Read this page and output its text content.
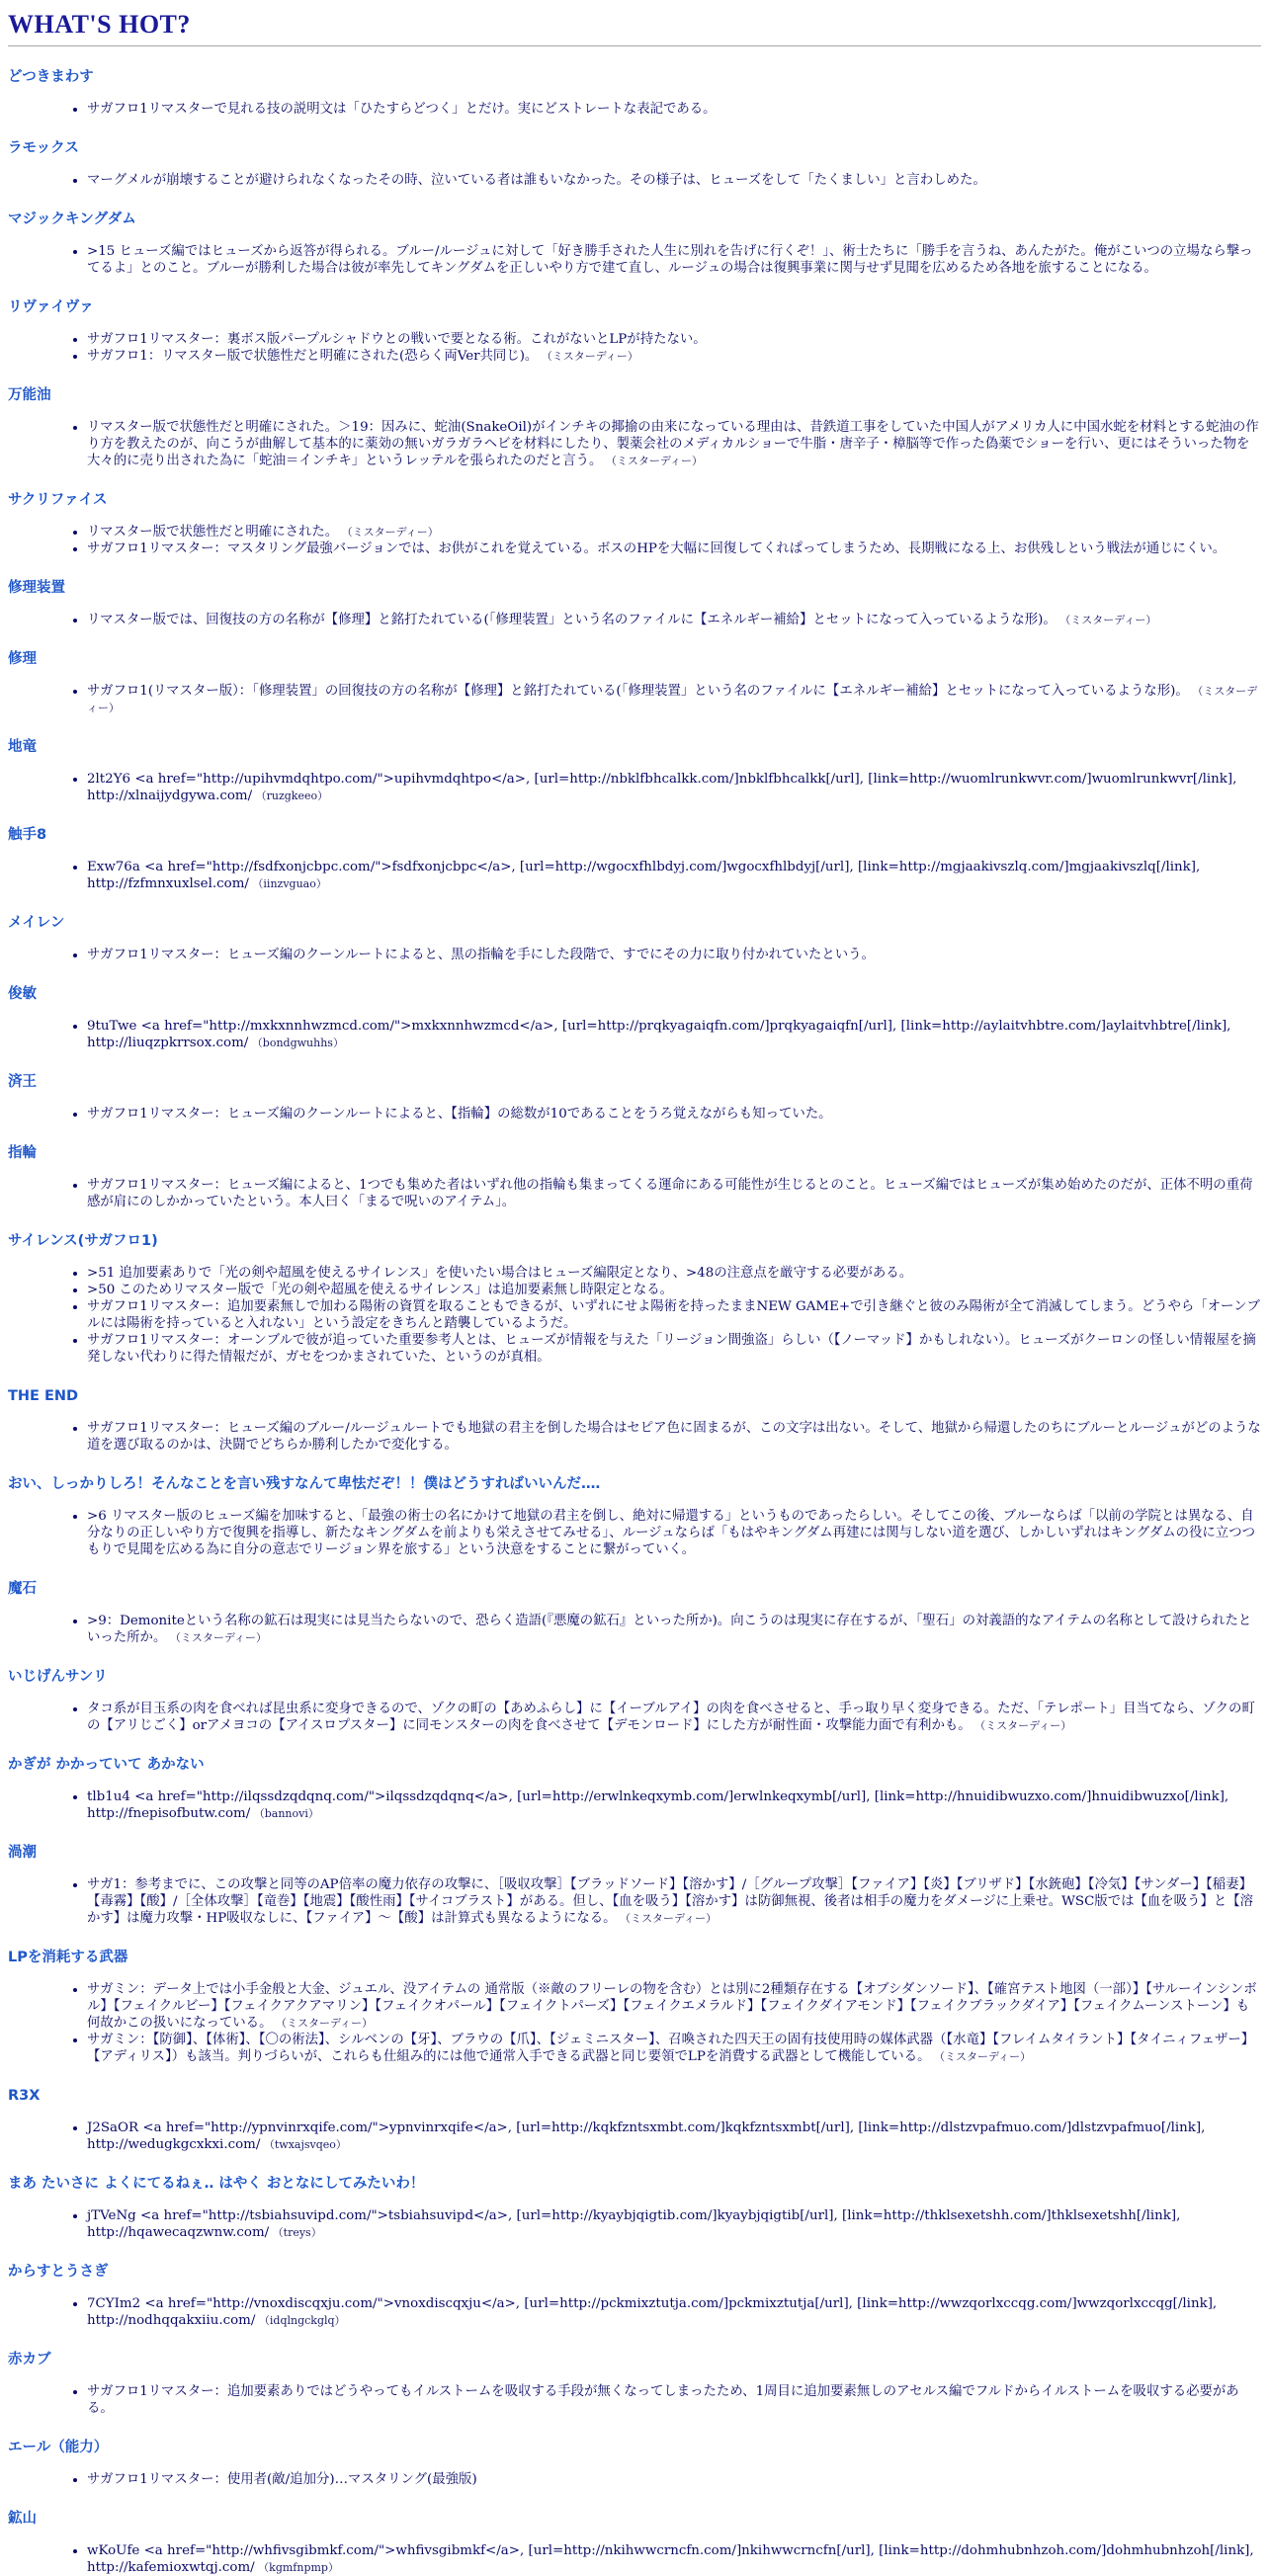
WHAT'S HOT?
どつきまわす
• サガフロ1リマスターで見れる技の説明文は「ひたすらどつく」とだけ。実にどストレートな表記である。
ラモックス
• マーグメルが崩壊することが避けられなくなったその時、泣いている者は誰もいなかった。その様子は、ヒューズをして「たくましい」と言わしめた。
マジックキングダム
• >15 ヒューズ編ではヒューズから返答が得られる。ブルー/ルージュに対して「好き勝手された人生に別れを告げに行くぞ！」、術士たちに「勝手を言うね、あんたがた。俺がこいつの立場なら撃ってるよ」とのこと。ブルーが勝利した場合は彼が率先してキングダムを正しいやり方で建て直し、ルージュの場合は復興事業に関与せず見聞を広めるため各地を旅することになる。
リヴァイヴァ
• サガフロ1リマスター：裏ボス版パープルシャドウとの戦いで要となる術。これがないとLPが持たない。
• サガフロ1：リマスター版で状態性だと明確にされた(恐らく両Ver共同じ)。 （ミスターディー）
万能油
• リマスター版で状態性だと明確にされた。＞19：因みに、蛇油(SnakeOil)がインチキの揶揄の由来になっている理由は、昔鉄道工事をしていた中国人がアメリカ人に中国水蛇を材料とする蛇油の作り方を教えたのが、向こうが曲解して基本的に薬効の無いガラガラヘビを材料にしたり、製薬会社のメディカルショーで牛脂・唐辛子・樟脳等で作った偽薬でショーを行い、更にはそういった物を大々的に売り出された為に「蛇油＝インチキ」というレッテルを張られたのだと言う。 （ミスターディー）
サクリファイス
• リマスター版で状態性だと明確にされた。 （ミスターディー）
• サガフロ1リマスター：マスタリング最強バージョンでは、お供がこれを覚えている。ボスのHPを大幅に回復してくれぱってしまうため、長期戦になる上、お供残しという戦法が通じにくい。
修理装置
• リマスター版では、回復技の方の名称が【修理】と銘打たれている(「修理装置」という名のファイルに【エネルギー補給】とセットになって入っているような形)。 （ミスターディー）
修理
• サガフロ1(リマスター版）：「修理装置」の回復技の方の名称が【修理】と銘打たれている(「修理装置」という名のファイルに【エネルギー補給】とセットになって入っているような形)。 （ミスターディー）
地竜
• 2lt2Y6 <a href="http://upihvmdqhtpo.com/">upihvmdqhtpo</a>, [url=http://nbklfbhcalkk.com/]nbklfbhcalkk[/url], [link=http://wuomlrunkwvr.com/]wuomlrunkwvr[/link], http://xlnaijydgywa.com/ （ruzgkeeo）
触手8
• Exw76a <a href="http://fsdfxonjcbpc.com/">fsdfxonjcbpc</a>, [url=http://wgocxfhlbdyj.com/]wgocxfhlbdyj[/url], [link=http://mgjaakivszlq.com/]mgjaakivszlq[/link], http://fzfmnxuxlsel.com/ （iinzvguao）
メイレン
• サガフロ1リマスター：ヒューズ編のクーンルートによると、黒の指輪を手にした段階で、すでにその力に取り付かれていたという。
俊敏
• 9tuTwe <a href="http://mxkxnnhwzmcd.com/">mxkxnnhwzmcd</a>, [url=http://prqkyagaiqfn.com/]prqkyagaiqfn[/url], [link=http://aylaitvhbtre.com/]aylaitvhbtre[/link], http://liuqzpkrrsox.com/ （bondgwuhhs）
済王
• サガフロ1リマスター：ヒューズ編のクーンルートによると、【指輪】の総数が10であることをうろ覚えながらも知っていた。
指輪
• サガフロ1リマスター：ヒューズ編によると、1つでも集めた者はいずれ他の指輪も集まってくる運命にある可能性が生じるとのこと。ヒューズ編ではヒューズが集め始めたのだが、正体不明の重荷感が肩にのしかかっていたという。本人曰く「まるで呪いのアイテム」。
サイレンス(サガフロ1)
• >51 追加要素ありで「光の剣や超風を使えるサイレンス」を使いたい場合はヒューズ編限定となり、>48の注意点を厳守する必要がある。
• >50 このためリマスター版で「光の剣や超風を使えるサイレンス」は追加要素無し時限定となる。
• サガフロ1リマスター：追加要素無しで加わる陽術の資質を取ることもできるが、いずれにせよ陽術を持ったままNEW GAME+で引き継ぐと彼のみ陽術が全て消滅してしまう。どうやら「オーンブルには陽術を持っていると入れない」という設定をきちんと踏襲しているようだ。
• サガフロ1リマスター：オーンブルで彼が追っていた重要参考人とは、ヒューズが情報を与えた「リージョン間強盗」らしい（【ノーマッド】かもしれない）。ヒューズがクーロンの怪しい情報屋を摘発しない代わりに得た情報だが、ガセをつかまされていた、というのが真相。
THE END
• サガフロ1リマスター：ヒューズ編のブルー/ルージュルートでも地獄の君主を倒した場合はセピア色に固まるが、この文字は出ない。そして、地獄から帰還したのちにブルーとルージュがどのような道を選び取るのかは、決闘でどちらか勝利したかで変化する。
おい、しっかりしろ！そんなことを言い残すなんて卑怯だぞ！！僕はどうすればいいんだ‥‥
• >6 リマスター版のヒューズ編を加味すると、「最強の術士の名にかけて地獄の君主を倒し、絶対に帰還する」というものであったらしい。そしてこの後、ブルーならば「以前の学院とは異なる、自分なりの正しいやり方で復興を指導し、新たなキングダムを前よりも栄えさせてみせる」、ルージュならば「もはやキングダム再建には関与しない道を選び、しかしいずれはキングダムの役に立つつもりで見聞を広める為に自分の意志でリージョン界を旅する」という決意をすることに繋がっていく。
魔石
• >9：Demoniteという名称の鉱石は現実には見当たらないので、恐らく造語(『悪魔の鉱石』といった所か)。向こうのは現実に存在するが、「聖石」の対義語的なアイテムの名称として設けられたといった所か。 （ミスターディー）
いじげんサンリ
• タコ系が目玉系の肉を食べれば昆虫系に変身できるので、ゾクの町の【あめふらし】に【イーブルアイ】の肉を食べさせると、手っ取り早く変身できる。ただ、「テレポート」目当てなら、ゾクの町の【アリじごく】orアメヨコの【アイスロプスター】に同モンスターの肉を食べさせて【デモンロード】にした方が耐性面・攻撃能力面で有利かも。 （ミスターディー）
かぎが かかっていて あかない
• tlb1u4 <a href="http://ilqssdzqdqnq.com/">ilqssdzqdqnq</a>, [url=http://erwlnkeqxymb.com/]erwlnkeqxymb[/url], [link=http://hnuidibwuzxo.com/]hnuidibwuzxo[/link], http://fnepisofbutw.com/ （bannovi）
渦潮
• サガ1：参考までに、この攻撃と同等のAP倍率の魔力依存の攻撃に、［吸収攻撃］【ブラッドソード】【溶かす】/［グループ攻撃］【ファイア】【炎】【ブリザド】【水銃砲】【冷気】【サンダー】【稲妻】【毒霧】【酸】/［全体攻撃］【竜巻】【地震】【酸性雨】【サイコブラスト】がある。但し、【血を吸う】【溶かす】は防御無視、後者は相手の魔力をダメージに上乗せ。WSC版では【血を吸う】と【溶かす】は魔力攻撃・HP吸収なしに、【ファイア】～【酸】は計算式も異なるようになる。 （ミスターディー）
LPを消耗する武器
• サガミン：データ上では小手金般と大金、ジュエル、没アイテムの 通常版（※敵のフリーレの物を含む）とは別に2種類存在する【オブシダンソード】、【確宮テスト地図（一部）】【サルーインシンボル】【フェイクルビー】【フェイクアクアマリン】【フェイクオパール】【フェイクトパーズ】【フェイクエメラルド】【フェイクダイアモンド】【フェイクブラックダイア】【フェイクムーンストーン】も何故かこの扱いになっている。 （ミスターディー）
• サガミン：【防御】、【体術】、【〇の術法】、シルベンの【牙】、ブラウの【爪】、【ジェミニスター】、召喚された四天王の固有技使用時の媒体武器（【水竜】【フレイムタイラント】【タイニィフェザー】【アディリス】）も該当。判りづらいが、これらも仕組み的には他で通常入手できる武器と同じ要領でLPを消費する武器として機能している。 （ミスターディー）
R3X
• J2SaOR <a href="http://ypnvinrxqife.com/">ypnvinrxqife</a>, [url=http://kqkfzntsxmbt.com/]kqkfzntsxmbt[/url], [link=http://dlstzvpafmuo.com/]dlstzvpafmuo[/link], http://wedugkgcxkxi.com/ （twxajsvqeo）
まあ たいさに よくにてるねぇ‥ はやく おとなにしてみたいわ！
• jTVeNg <a href="http://tsbiahsuvipd.com/">tsbiahsuvipd</a>, [url=http://kyaybjqigtib.com/]kyaybjqigtib[/url], [link=http://thklsexetshh.com/]thklsexetshh[/link], http://hqawecaqzwnw.com/ （treys）
からすとうさぎ
• 7CYIm2 <a href="http://vnoxdiscqxju.com/">vnoxdiscqxju</a>, [url=http://pckmixztutja.com/]pckmixztutja[/url], [link=http://wwzqorlxccqg.com/]wwzqorlxccqg[/link], http://nodhqqakxiiu.com/ （idqlngckglq）
赤カブ
• サガフロ1リマスター：追加要素ありではどうやってもイルストームを吸収する手段が無くなってしまったため、1周目に追加要素無しのアセルス編でフルドからイルストームを吸収する必要がある。
エール（能力）
• サガフロ1リマスター：使用者(敵/追加分)…マスタリング(最強版)
鉱山
• wKoUfe <a href="http://whfivsgibmkf.com/">whfivsgibmkf</a>, [url=http://nkihwwcrncfn.com/]nkihwwcrncfn[/url], [link=http://dohmhubnhzoh.com/]dohmhubnhzoh[/link], http://kafemioxwtqj.com/ （kgmfnpmp）
